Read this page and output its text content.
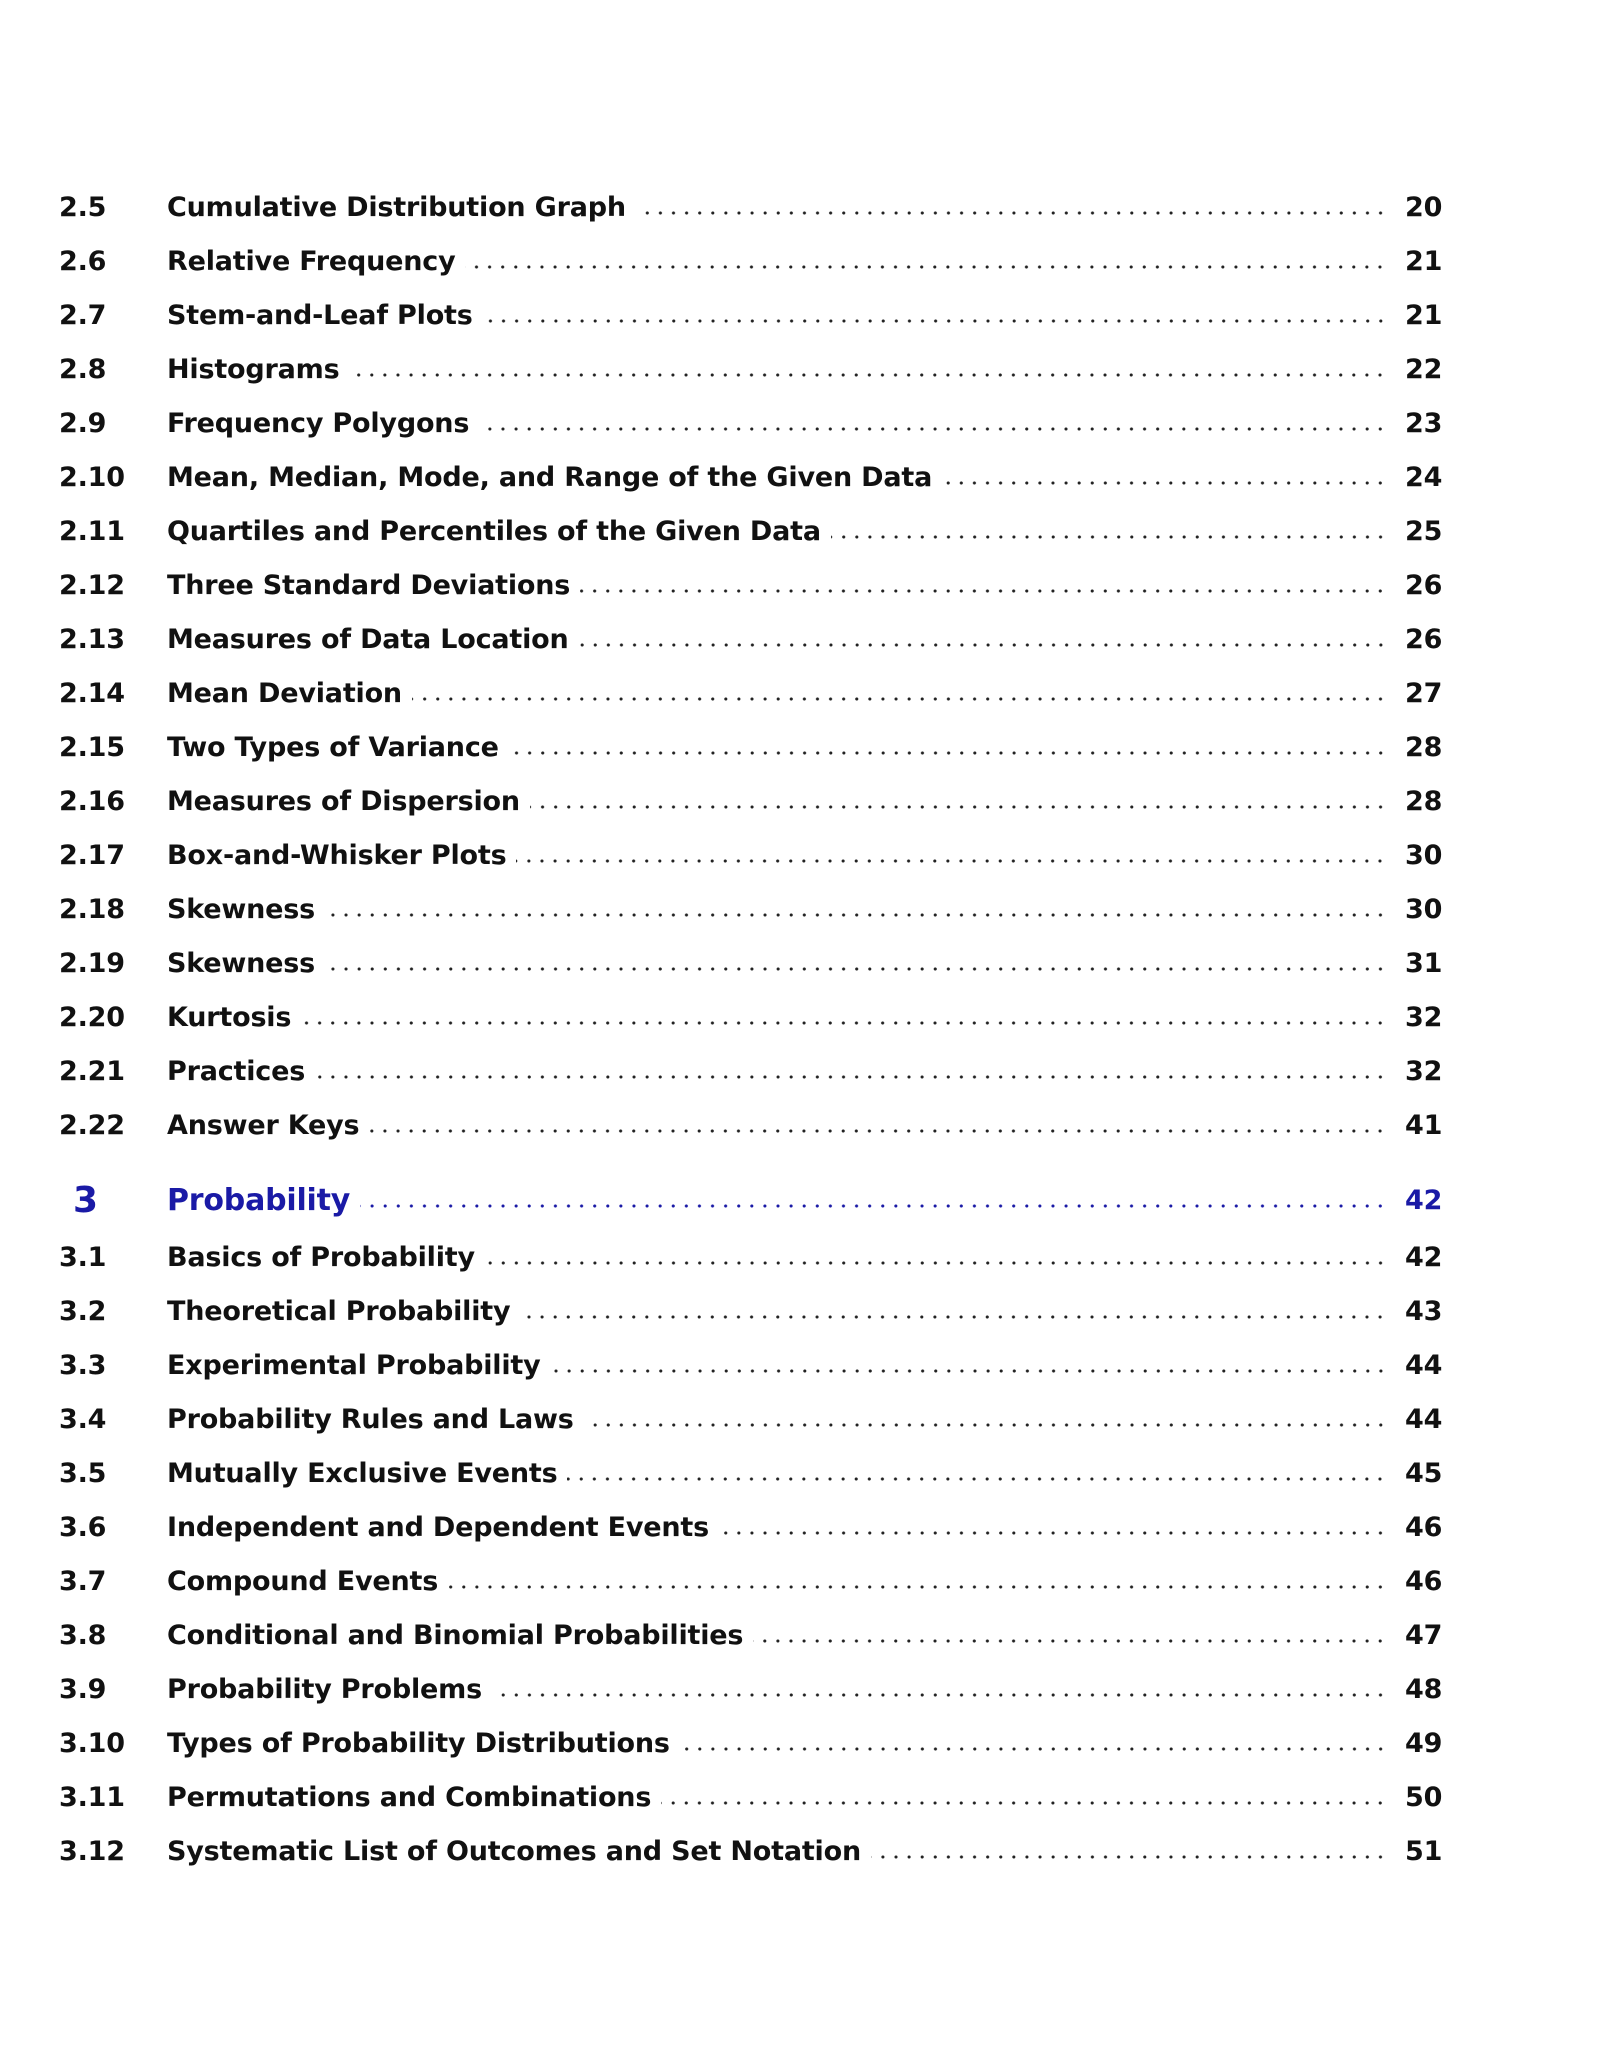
2.5	Cumulative Distribution Graph	20
2.6	Relative Frequency	21
2.7	Stem-and-Leaf Plots	21
2.8	Histograms	22
2.9	Frequency Polygons	23
2.10	Mean, Median, Mode, and Range of the Given Data	24
2.11	Quartiles and Percentiles of the Given Data	25
2.12	Three Standard Deviations	26
2.13	Measures of Data Location	26
2.14	Mean Deviation	27
2.15	Two Types of Variance	28
2.16	Measures of Dispersion	28
2.17	Box-and-Whisker Plots	30
2.18	Skewness	30
2.19	Skewness	31
2.20	Kurtosis	32
2.21	Practices	32
2.22	Answer Keys	41
3	Probability	42
3.1	Basics of Probability	42
3.2	Theoretical Probability	43
3.3	Experimental Probability	44
3.4	Probability Rules and Laws	44
3.5	Mutually Exclusive Events	45
3.6	Independent and Dependent Events	46
3.7	Compound Events	46
3.8	Conditional and Binomial Probabilities	47
3.9	Probability Problems	48
3.10	Types of Probability Distributions	49
3.11	Permutations and Combinations	50
3.12	Systematic List of Outcomes and Set Notation	51
